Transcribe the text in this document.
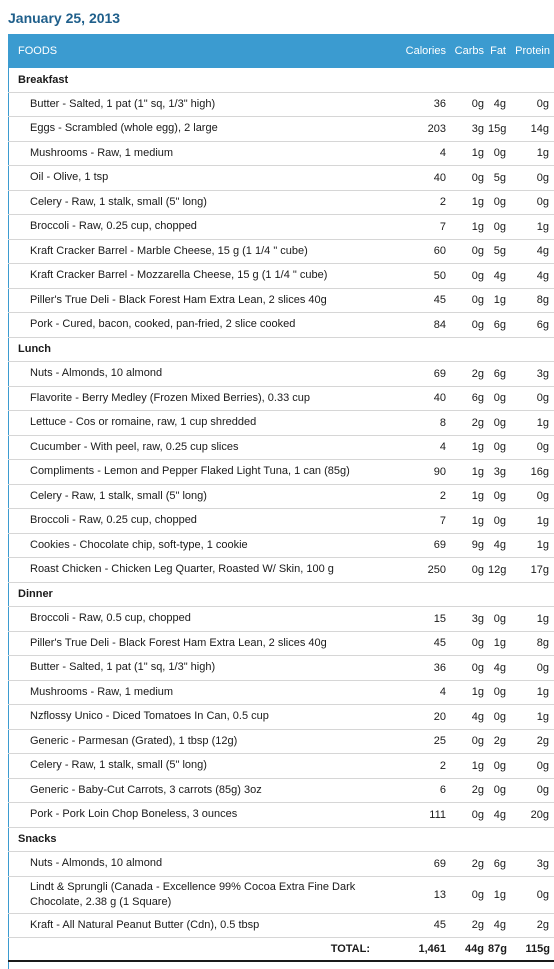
January 25, 2013
FOODS	Calories	Carbs	Fat	Protein
Breakfast				
Butter - Salted, 1 pat (1" sq, 1/3" high)	36	0g	4g	0g
Eggs - Scrambled (whole egg), 2 large	203	3g	15g	14g
Mushrooms - Raw, 1 medium	4	1g	0g	1g
Oil - Olive, 1 tsp	40	0g	5g	0g
Celery - Raw, 1 stalk, small (5" long)	2	1g	0g	0g
Broccoli - Raw, 0.25 cup, chopped	7	1g	0g	1g
Kraft Cracker Barrel - Marble Cheese, 15 g (1 1/4 " cube)	60	0g	5g	4g
Kraft Cracker Barrel - Mozzarella Cheese, 15 g (1 1/4 " cube)	50	0g	4g	4g
Piller's True Deli - Black Forest Ham Extra Lean, 2 slices 40g	45	0g	1g	8g
Pork - Cured, bacon, cooked, pan-fried, 2 slice cooked	84	0g	6g	6g
Lunch				
Nuts - Almonds, 10 almond	69	2g	6g	3g
Flavorite - Berry Medley (Frozen Mixed Berries), 0.33 cup	40	6g	0g	0g
Lettuce - Cos or romaine, raw, 1 cup shredded	8	2g	0g	1g
Cucumber - With peel, raw, 0.25 cup slices	4	1g	0g	0g
Compliments - Lemon and Pepper Flaked Light Tuna, 1 can (85g)	90	1g	3g	16g
Celery - Raw, 1 stalk, small (5" long)	2	1g	0g	0g
Broccoli - Raw, 0.25 cup, chopped	7	1g	0g	1g
Cookies - Chocolate chip, soft-type, 1 cookie	69	9g	4g	1g
Roast Chicken - Chicken Leg Quarter, Roasted W/ Skin, 100 g	250	0g	12g	17g
Dinner				
Broccoli - Raw, 0.5 cup, chopped	15	3g	0g	1g
Piller's True Deli - Black Forest Ham Extra Lean, 2 slices 40g	45	0g	1g	8g
Butter - Salted, 1 pat (1" sq, 1/3" high)	36	0g	4g	0g
Mushrooms - Raw, 1 medium	4	1g	0g	1g
Nzflossy Unico - Diced Tomatoes In Can, 0.5 cup	20	4g	0g	1g
Generic - Parmesan (Grated), 1 tbsp (12g)	25	0g	2g	2g
Celery - Raw, 1 stalk, small (5" long)	2	1g	0g	0g
Generic - Baby-Cut Carrots, 3 carrots (85g) 3oz	6	2g	0g	0g
Pork - Pork Loin Chop Boneless, 3 ounces	111	0g	4g	20g
Snacks				
Nuts - Almonds, 10 almond	69	2g	6g	3g
Lindt & Sprungli (Canada - Excellence 99% Cocoa Extra Fine Dark Chocolate, 2.38 g (1 Square)	13	0g	1g	0g
Kraft - All Natural Peanut Butter (Cdn), 0.5 tbsp	45	2g	4g	2g
TOTAL:	1,461	44g	87g	115g
